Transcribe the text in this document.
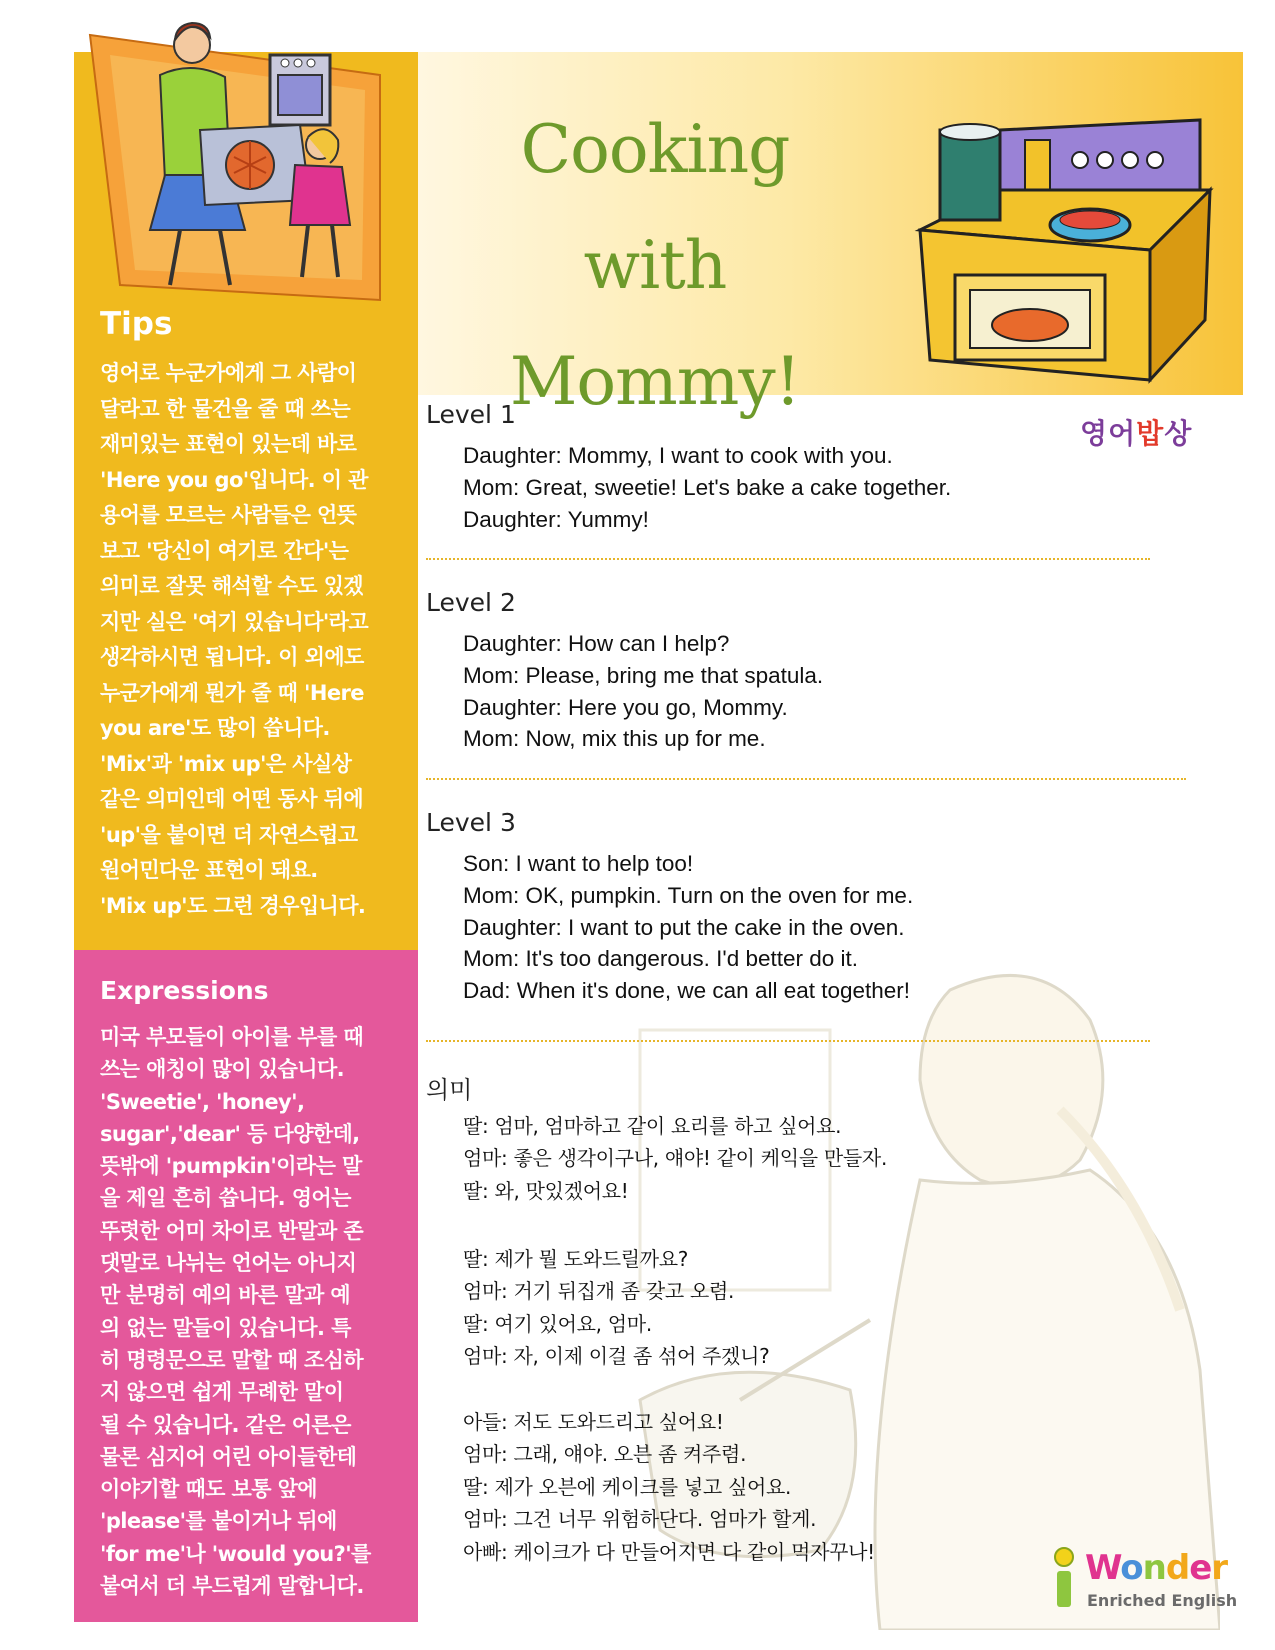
Tips
영어로 누군가에게 그 사람이
달라고 한 물건을 줄 때 쓰는
재미있는 표현이 있는데 바로
'Here you go'입니다. 이 관
용어를 모르는 사람들은 언뜻
보고 '당신이 여기로 간다'는
의미로 잘못 해석할 수도 있겠
지만 실은 '여기 있습니다'라고
생각하시면 됩니다. 이 외에도
누군가에게 뭔가 줄 때 'Here
you are'도 많이 씁니다.
'Mix'과 'mix up'은 사실상
같은 의미인데 어떤 동사 뒤에
'up'을 붙이면 더 자연스럽고
원어민다운 표현이 돼요.
'Mix up'도 그런 경우입니다.
Expressions
미국 부모들이 아이를 부를 때
쓰는 애칭이 많이 있습니다.
'Sweetie', 'honey',
sugar','dear' 등 다양한데,
뜻밖에 'pumpkin'이라는 말
을 제일 흔히 씁니다. 영어는
뚜렷한 어미 차이로 반말과 존
댓말로 나뉘는 언어는 아니지
만 분명히 예의 바른 말과 예
의 없는 말들이 있습니다. 특
히 명령문으로 말할 때 조심하
지 않으면 쉽게 무례한 말이
될 수 있습니다. 같은 어른은
물론 심지어 어린 아이들한테
이야기할 때도 보통 앞에
'please'를 붙이거나 뒤에
'for me'나 'would you?'를
붙여서 더 부드럽게 말합니다.
Cooking with
Mommy!
영어밥상
Level 1
Daughter: Mommy, I want to cook with you.
Mom: Great, sweetie! Let's bake a cake together.
Daughter: Yummy!
Level 2
Daughter: How can I help?
Mom: Please, bring me that spatula.
Daughter: Here you go, Mommy.
Mom: Now, mix this up for me.
Level 3
Son: I want to help too!
Mom: OK, pumpkin. Turn on the oven for me.
Daughter: I want to put the cake in the oven.
Mom: It's too dangerous. I'd better do it.
Dad: When it's done, we can all eat together!
의미
딸: 엄마, 엄마하고 같이 요리를 하고 싶어요.
엄마: 좋은 생각이구나, 얘야! 같이 케익을 만들자.
딸: 와, 맛있겠어요!
딸: 제가 뭘 도와드릴까요?
엄마: 거기 뒤집개 좀 갖고 오렴.
딸: 여기 있어요, 엄마.
엄마: 자, 이제 이걸 좀 섞어 주겠니?
아들: 저도 도와드리고 싶어요!
엄마: 그래, 얘야. 오븐 좀 켜주렴.
딸: 제가 오븐에 케이크를 넣고 싶어요.
엄마: 그건 너무 위험하단다. 엄마가 할게.
아빠: 케이크가 다 만들어지면 다 같이 먹자꾸나!	Wonder
Enriched English
